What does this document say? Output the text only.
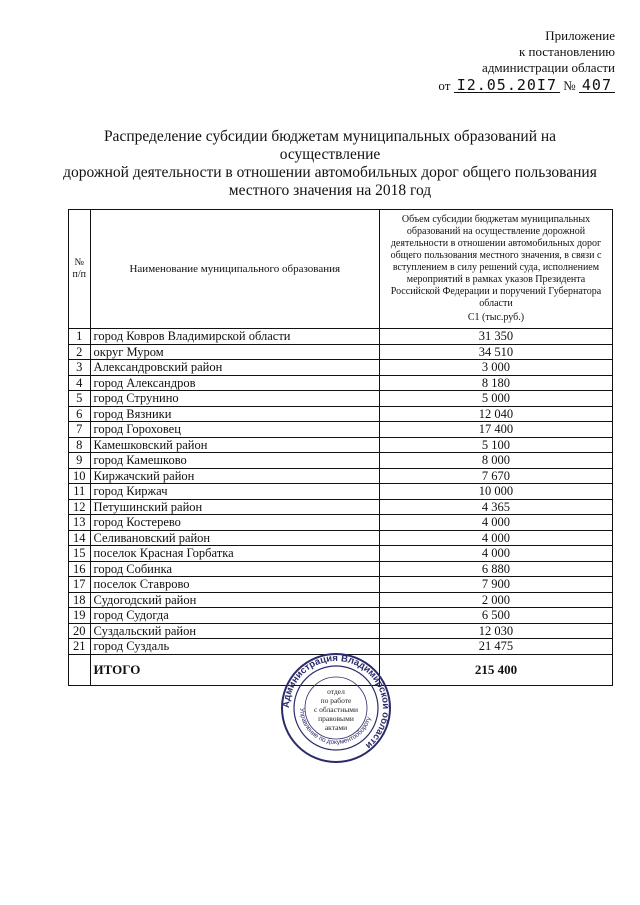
Приложение
к постановлению
администрации области
от I2.05.20I7 № 407
Распределение субсидии бюджетам муниципальных образований на осуществление
дорожной деятельности в отношении автомобильных дорог общего пользования
местного значения на 2018 год
№ п/п	Наименование муниципального образования	Объем субсидии бюджетам муниципальных образований на осуществление дорожной деятельности в отношении автомобильных дорог общего пользования местного значения, в связи с вступлением в силу решений суда, исполнением мероприятий в рамках указов Президента Российской Федерации и поручений Губернатора области
С1 (тыс.руб.)

1	город Ковров Владимирской области	31 350
2	округ Муром	34 510
3	Александровский район	3 000
4	город Александров	8 180
5	город Струнино	5 000
6	город Вязники	12 040
7	город Гороховец	17 400
8	Камешковский район	5 100
9	город Камешково	8 000
10	Киржачский район	7 670
11	город Киржач	10 000
12	Петушинский район	4 365
13	город Костерево	4 000
14	Селивановский район	4 000
15	поселок Красная Горбатка	4 000
16	город Собинка	6 880
17	поселок Ставрово	7 900
18	Судогодский район	2 000
19	город Судогда	6 500
20	Суздальский район	12 030
21	город Суздаль	21 475
	ИТОГО	215 400
Администрация Владимирской области
Управление по документообороту
отдел
по работе
с областными
правовыми
актами
